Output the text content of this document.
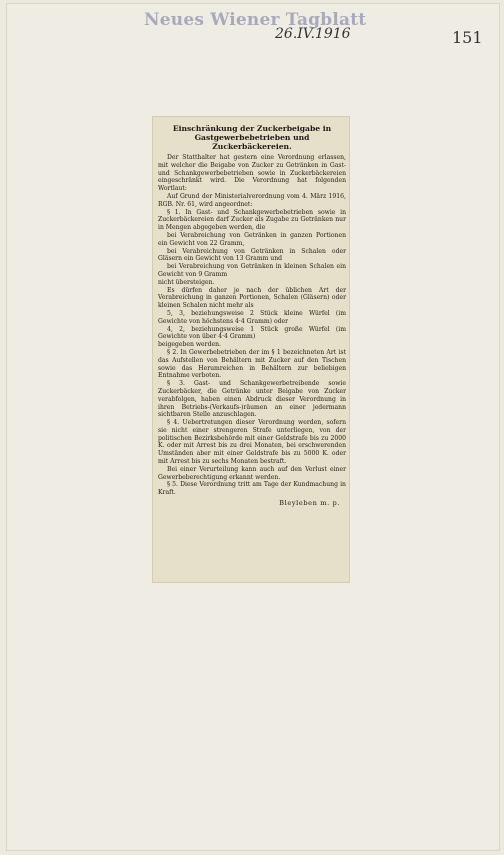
Neues Wiener Tagblatt
26.IV.1916	151
Einschränkung der Zuckerbeigabe in Gastgewerbebetrieben und Zuckerbäckereien.

Der Statthalter hat gestern eine Verordnung erlassen, mit welcher die Beigabe von Zucker zu Getränken in Gast- und Schankgewerbebetrieben sowie in Zuckerbäckereien eingeschränkt wird. Die Verordnung hat folgenden Wortlaut:

Auf Grund der Ministerialverordnung vom 4. März 1916, RGB. Nr. 61, wird angeordnet:

§ 1. In Gast- und Schankgewerbebetrieben sowie in Zuckerbäckereien darf Zucker als Zugabe zu Getränken nur in Mengen abgegeben werden, die

bei Verabreichung von Getränken in ganzen Portionen ein Gewicht von 22 Gramm,

bei Verabreichung von Getränken in Schalen oder Gläsern ein Gewicht von 13 Gramm und

bei Verabreichung von Getränken in kleinen Schalen ein Gewicht von 9 Gramm

nicht übersteigen.

Es dürfen daher je nach der üblichen Art der Verabreichung in ganzen Portionen, Schalen (Gläsern) oder kleinen Schalen nicht mehr als

5, 3, beziehungsweise 2 Stück kleine Würfel (im Gewichte von höchstens 4·4 Gramm) oder

4, 2, beziehungsweise 1 Stück große Würfel (im Gewichte von über 4·4 Gramm)

beigegeben werden.

§ 2. In Gewerbebetrieben der im § 1 bezeichneten Art ist das Aufstellen von Behältern mit Zucker auf den Tischen sowie das Herumreichen in Behältern zur beliebigen Entnahme verboten.

§ 3. Gast- und Schankgewerbetreibende sowie Zuckerbäcker, die Getränke unter Beigabe von Zucker verabfolgen, haben einen Abdruck dieser Verordnung in ihren Betriebs-(Verkaufs-)räumen an einer jedermann sichtbaren Stelle anzuschlagen.

§ 4. Uebertretungen dieser Verordnung werden, sofern sie nicht einer strengeren Strafe unterliegen, von der politischen Bezirksbehörde mit einer Geldstrafe bis zu 2000 K. oder mit Arrest bis zu drei Monaten, bei erschwerenden Umständen aber mit einer Geldstrafe bis zu 5000 K. oder mit Arrest bis zu sechs Monaten bestraft.

Bei einer Verurteilung kann auch auf den Verlust einer Gewerbeberechtigung erkannt werden.

§ 5. Diese Verordnung tritt am Tage der Kundmachung in Kraft.

Bleyleben m. p.
